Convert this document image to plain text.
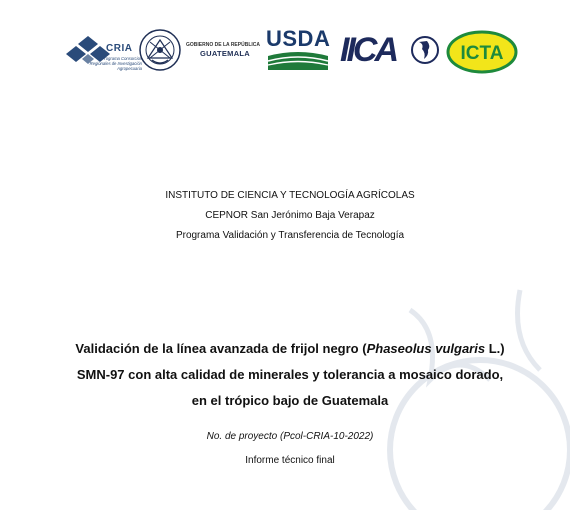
CRIA
Programa Consorcios Regionales de Investigación Agropecuaria
GOBIERNO DE LA REPÚBLICA
GUATEMALA
USDA IICA	ICTA
INSTITUTO DE CIENCIA Y TECNOLOGÍA AGRÍCOLAS
CEPNOR San Jerónimo Baja Verapaz
Programa Validación y Transferencia de Tecnología
Validación de la línea avanzada de frijol negro (Phaseolus vulgaris L.)
SMN-97 con alta calidad de minerales y tolerancia a mosaico dorado,
en el trópico bajo de Guatemala
No. de proyecto (Pcol-CRIA-10-2022)
Informe técnico final
